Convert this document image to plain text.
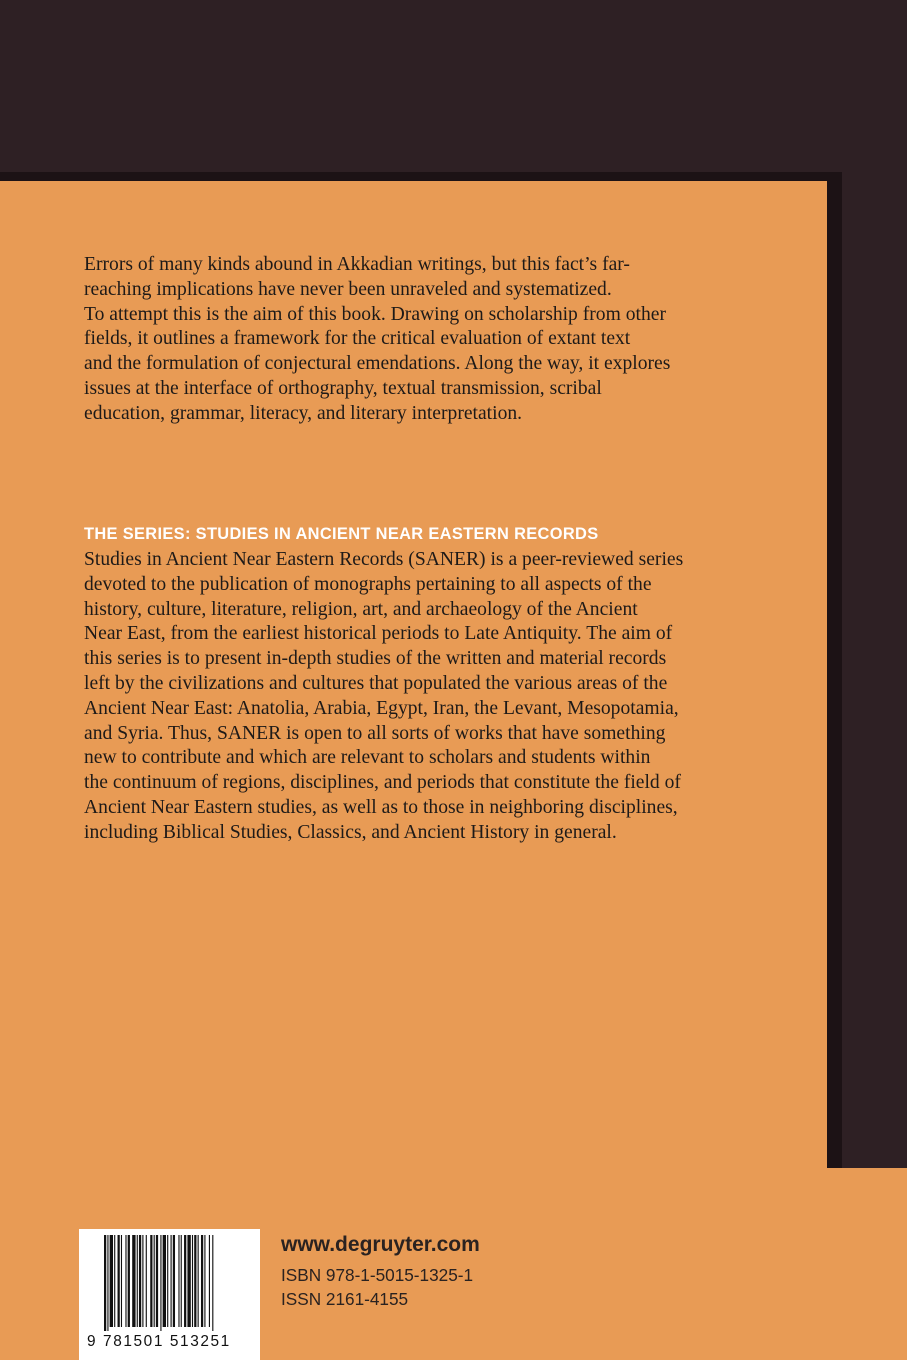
Errors of many kinds abound in Akkadian writings, but this fact’s far-
reaching implications have never been unraveled and systematized.
To attempt this is the aim of this book. Drawing on scholarship from other
fields, it outlines a framework for the critical evaluation of extant text
and the formulation of conjectural emendations. Along the way, it explores
issues at the interface of orthography, textual transmission, scribal
education, grammar, literacy, and literary interpretation.

THE SERIES: STUDIES IN ANCIENT NEAR EASTERN RECORDS

Studies in Ancient Near Eastern Records (SANER) is a peer-reviewed series
devoted to the publication of monographs pertaining to all aspects of the
history, culture, literature, religion, art, and archaeology of the Ancient
Near East, from the earliest historical periods to Late Antiquity. The aim of
this series is to present in-depth studies of the written and material records
left by the civilizations and cultures that populated the various areas of the
Ancient Near East: Anatolia, Arabia, Egypt, Iran, the Levant, Mesopotamia,
and Syria. Thus, SANER is open to all sorts of works that have something
new to contribute and which are relevant to scholars and students within
the continuum of regions, disciplines, and periods that constitute the field of
Ancient Near Eastern studies, as well as to those in neighboring disciplines,
including Biblical Studies, Classics, and Ancient History in general.

9 781501 513251

www.degruyter.com

ISBN 978-1-5015-1325-1

ISSN 2161-4155
